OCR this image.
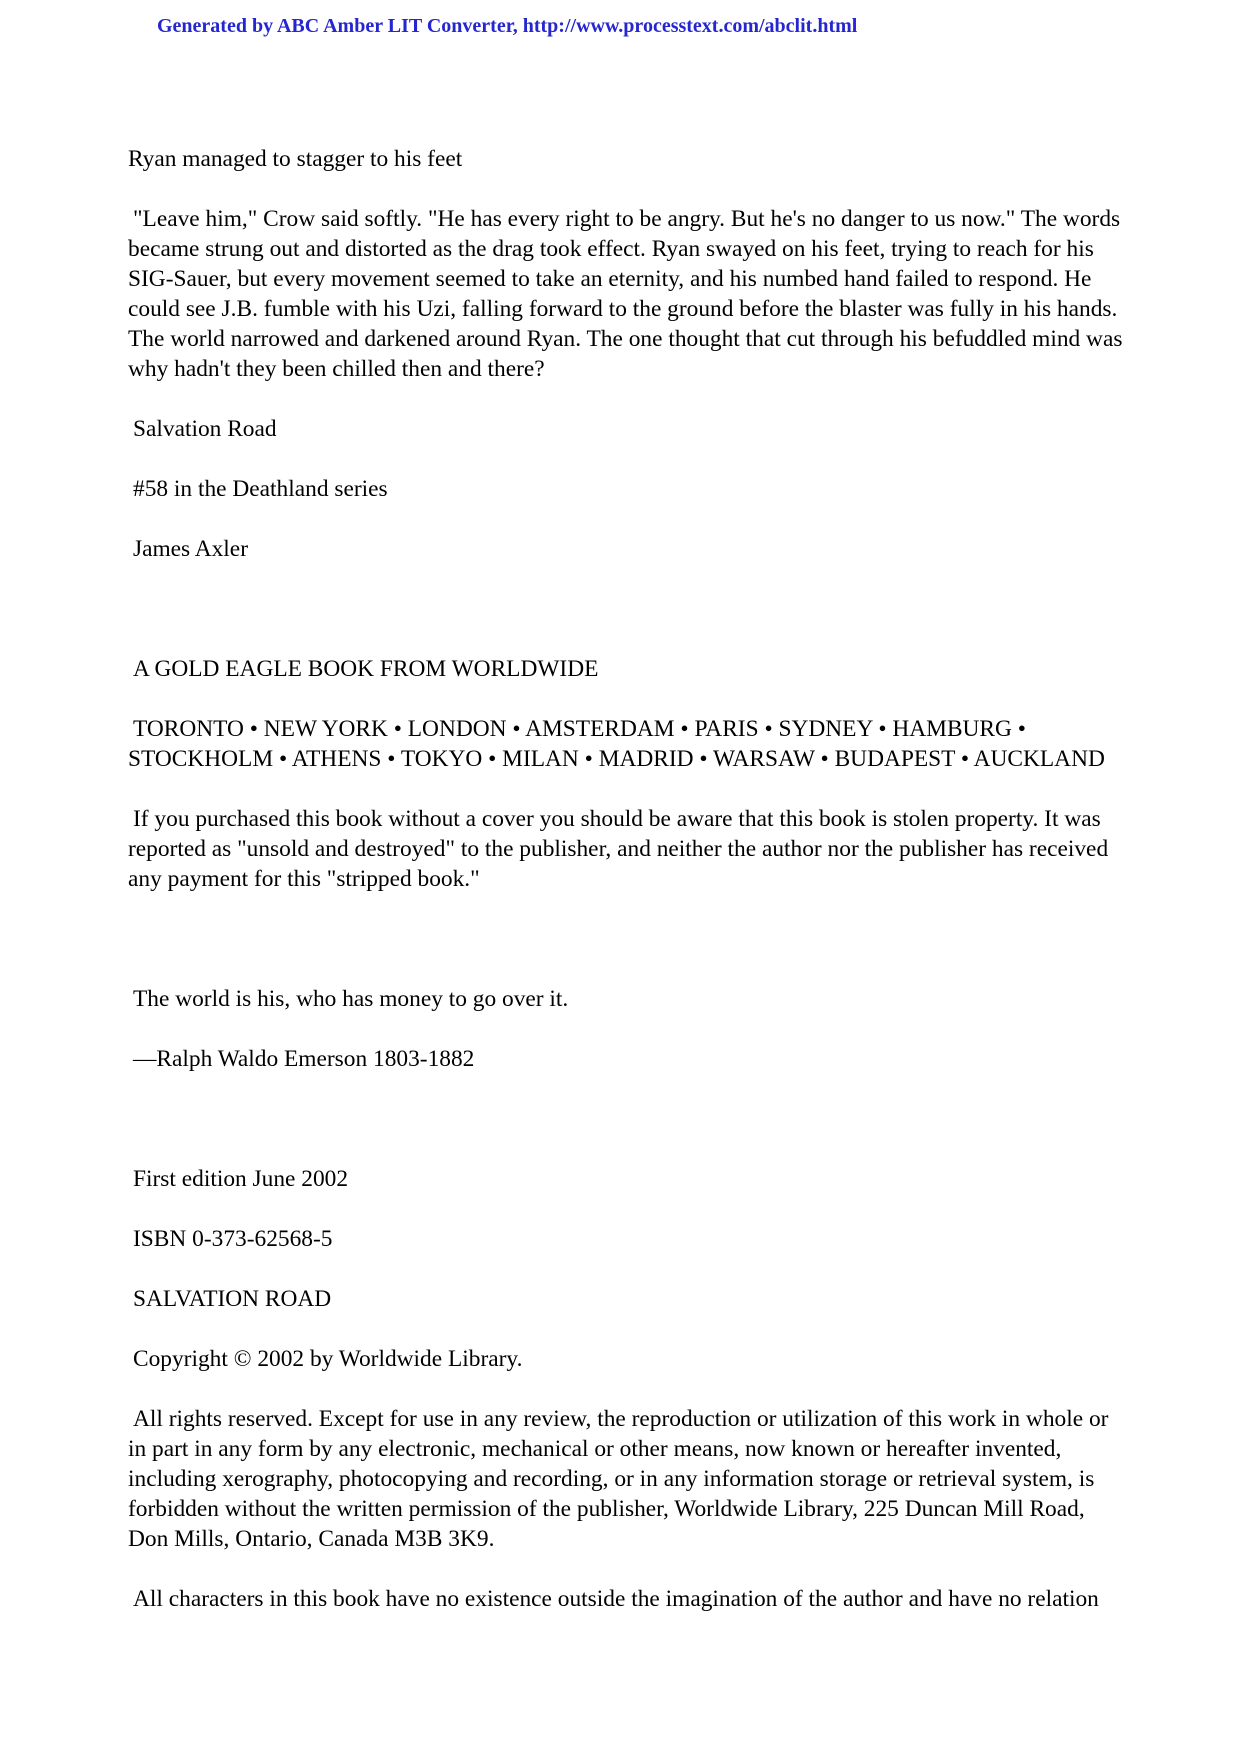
Generated by ABC Amber LIT Converter, http://www.processtext.com/abclit.html

Ryan managed to stagger to his feet

"Leave him," Crow said softly. "He has every right to be angry. But he's no danger to us now." The words became strung out and distorted as the drag took effect. Ryan swayed on his feet, trying to reach for his SIG-Sauer, but every movement seemed to take an eternity, and his numbed hand failed to respond. He could see J.B. fumble with his Uzi, falling forward to the ground before the blaster was fully in his hands. The world narrowed and darkened around Ryan. The one thought that cut through his befuddled mind was why hadn't they been chilled then and there?

Salvation Road

#58 in the Deathland series

James Axler

A GOLD EAGLE BOOK FROM WORLDWIDE

TORONTO • NEW YORK • LONDON • AMSTERDAM • PARIS • SYDNEY • HAMBURG • STOCKHOLM • ATHENS • TOKYO • MILAN • MADRID • WARSAW • BUDAPEST • AUCKLAND

If you purchased this book without a cover you should be aware that this book is stolen property. It was reported as "unsold and destroyed" to the publisher, and neither the author nor the publisher has received any payment for this "stripped book."

The world is his, who has money to go over it.

—Ralph Waldo Emerson 1803-1882

First edition June 2002

ISBN 0-373-62568-5

SALVATION ROAD

Copyright © 2002 by Worldwide Library.

All rights reserved. Except for use in any review, the reproduction or utilization of this work in whole or in part in any form by any electronic, mechanical or other means, now known or hereafter invented, including xerography, photocopying and recording, or in any information storage or retrieval system, is forbidden without the written permission of the publisher, Worldwide Library, 225 Duncan Mill Road, Don Mills, Ontario, Canada M3B 3K9.

All characters in this book have no existence outside the imagination of the author and have no relation
